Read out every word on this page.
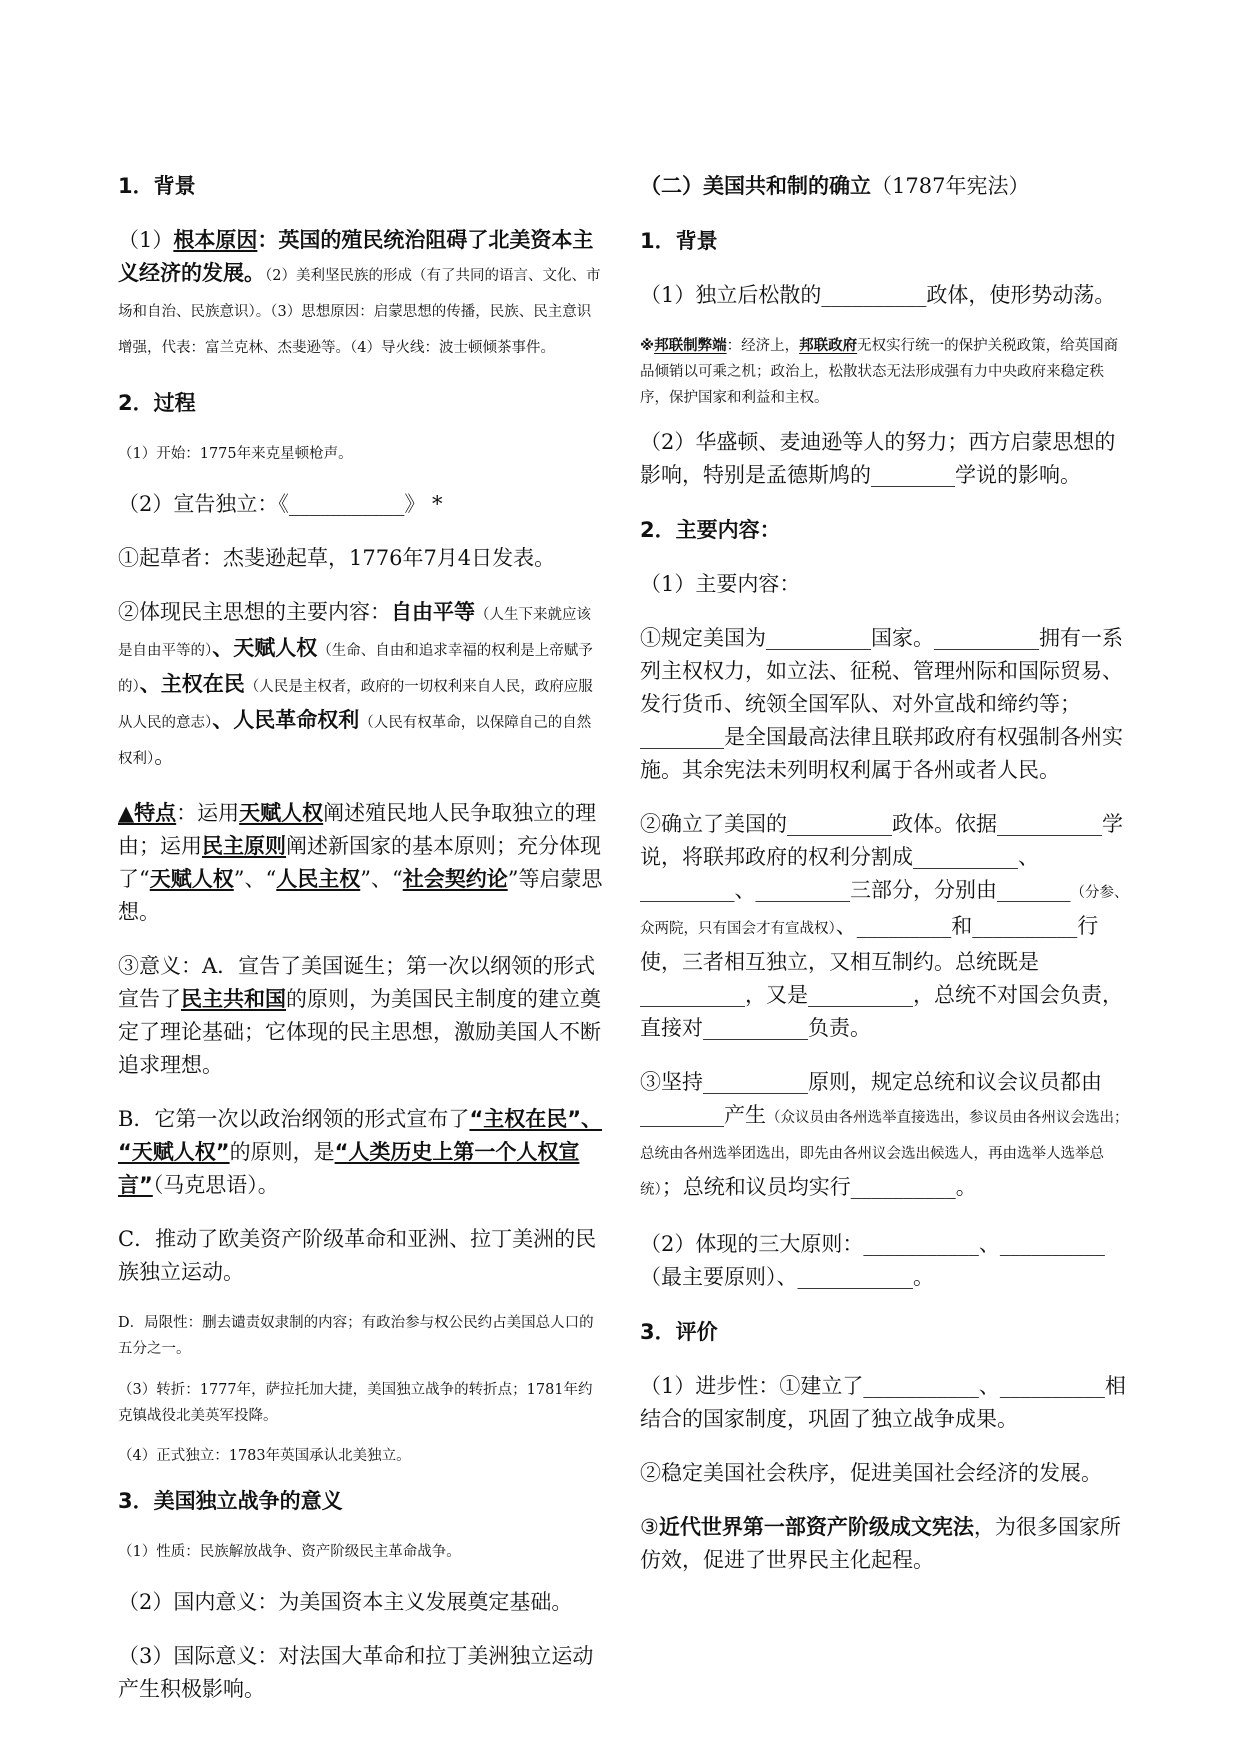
1．背景

（1）根本原因：英国的殖民统治阻碍了北美资本主义经济的发展。（2）美利坚民族的形成（有了共同的语言、文化、市场和自治、民族意识）。（3）思想原因：启蒙思想的传播，民族、民主意识增强，代表：富兰克林、杰斐逊等。（4）导火线：波士顿倾茶事件。

2．过程

（1）开始：1775年来克星顿枪声。

（2）宣告独立：《___________》 *

①起草者：杰斐逊起草，1776年7月4日发表。

②体现民主思想的主要内容：自由平等（人生下来就应该是自由平等的）、天赋人权（生命、自由和追求幸福的权利是上帝赋予的）、主权在民（人民是主权者，政府的一切权利来自人民，政府应服从人民的意志）、人民革命权利（人民有权革命，以保障自己的自然权利）。

▲特点：运用天赋人权阐述殖民地人民争取独立的理由；运用民主原则阐述新国家的基本原则；充分体现了“天赋人权”、“人民主权”、“社会契约论”等启蒙思想。

③意义：A．宣告了美国诞生；第一次以纲领的形式宣告了民主共和国的原则，为美国民主制度的建立奠定了理论基础；它体现的民主思想，激励美国人不断追求理想。

B．它第一次以政治纲领的形式宣布了“主权在民”、
“天赋人权”的原则，是“人类历史上第一个人权宣言”（马克思语）。

C．推动了欧美资产阶级革命和亚洲、拉丁美洲的民族独立运动。

D．局限性：删去谴责奴隶制的内容；有政治参与权公民约占美国总人口的五分之一。

（3）转折：1777年，萨拉托加大捷，美国独立战争的转折点；1781年约克镇战役北美英军投降。

（4）正式独立：1783年英国承认北美独立。

3．美国独立战争的意义

（1）性质：民族解放战争、资产阶级民主革命战争。

（2）国内意义：为美国资本主义发展奠定基础。

（3）国际意义：对法国大革命和拉丁美洲独立运动产生积极影响。

（二）美国共和制的确立（1787年宪法）

1．背景

（1）独立后松散的__________政体，使形势动荡。

※邦联制弊端：经济上，邦联政府无权实行统一的保护关税政策，给英国商品倾销以可乘之机；政治上，松散状态无法形成强有力中央政府来稳定秩序，保护国家和利益和主权。

（2）华盛顿、麦迪逊等人的努力；西方启蒙思想的影响，特别是孟德斯鸠的________学说的影响。

2．主要内容：

（1）主要内容：

①规定美国为__________国家。__________拥有一系列主权权力，如立法、征税、管理州际和国际贸易、发行货币、统领全国军队、对外宣战和缔约等；________是全国最高法律且联邦政府有权强制各州实施。其余宪法未列明权利属于各州或者人民。

②确立了美国的__________政体。依据__________学说，将联邦政府的权利分割成__________、_________、_________三部分，分别由_______（分参、众两院，只有国会才有宣战权）、_________和__________行使，三者相互独立，又相互制约。总统既是__________，又是__________，总统不对国会负责，直接对__________负责。

③坚持__________原则，规定总统和议会议员都由________产生（众议员由各州选举直接选出，参议员由各州议会选出；总统由各州选举团选出，即先由各州议会选出候选人，再由选举人选举总统）；总统和议员均实行__________。

（2）体现的三大原则：___________、__________（最主要原则）、___________。

3．评价

（1）进步性：①建立了___________、__________相结合的国家制度，巩固了独立战争成果。

②稳定美国社会秩序，促进美国社会经济的发展。

③近代世界第一部资产阶级成文宪法，为很多国家所仿效，促进了世界民主化起程。
